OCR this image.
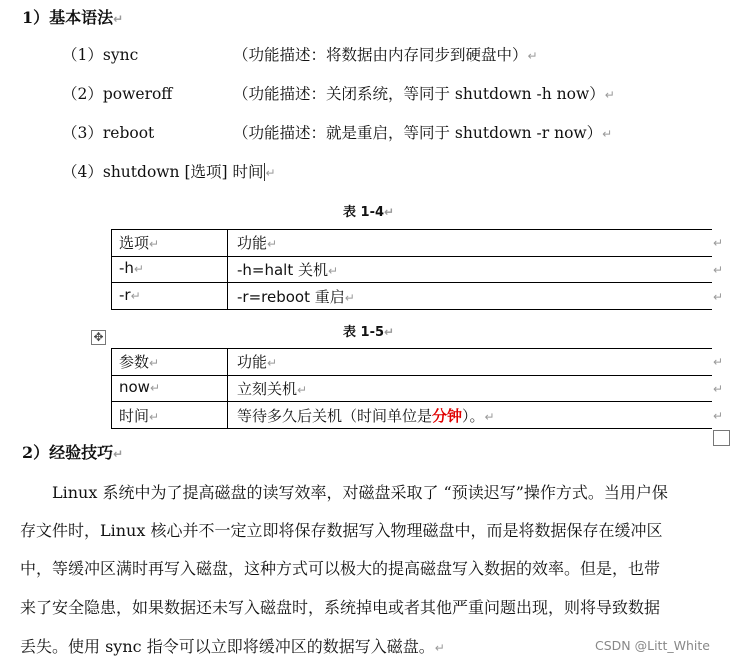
1）基本语法↵
（1）sync	（功能描述：将数据由内存同步到硬盘中）↵
（2）poweroff	（功能描述：关闭系统，等同于 shutdown -h now）↵
（3）reboot	（功能描述：就是重启，等同于 shutdown -r now）↵
（4）shutdown [选项] 时间 ↵
表 1-4↵
选项↵	功能↵	↵
-h↵	-h=halt 关机↵	↵
-r↵	-r=reboot 重启↵	↵
表 1-5↵
✥
参数↵	功能↵	↵
now↵	立刻关机↵	↵
时间↵	等待多久后关机（时间单位是分钟）。↵	↵
2）经验技巧↵
Linux 系统中为了提高磁盘的读写效率，对磁盘采取了 “预读迟写”操作方式。当用户保
存文件时，Linux 核心并不一定立即将保存数据写入物理磁盘中，而是将数据保存在缓冲区
中，等缓冲区满时再写入磁盘，这种方式可以极大的提高磁盘写入数据的效率。但是，也带
来了安全隐患，如果数据还未写入磁盘时，系统掉电或者其他严重问题出现，则将导致数据
丢失。使用 sync 指令可以立即将缓冲区的数据写入磁盘。↵	CSDN @Litt_White
